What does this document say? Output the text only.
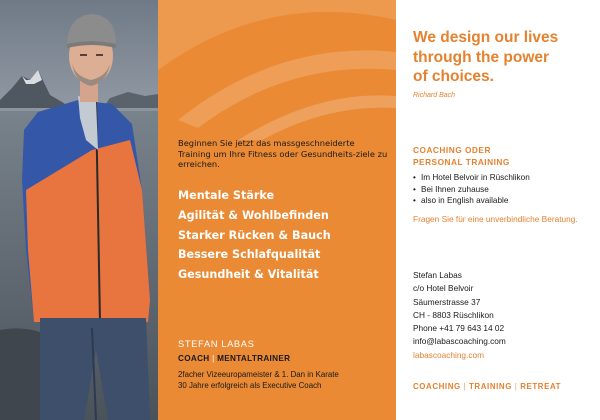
Beginnen Sie jetzt das massgeschneiderte Training um Ihre Fitness oder Gesundheits-ziele zu erreichen.
Mentale Stärke
Agilität & Wohlbefinden
Starker Rücken & Bauch
Bessere Schlafqualität
Gesundheit & Vitalität
STEFAN LABAS
COACH | MENTALTRAINER
2facher Vizeeuropameister & 1. Dan in Karate
30 Jahre erfolgreich als Executive Coach
We design our lives
through the power
of choices.
Richard Bach
COACHING ODER
PERSONAL TRAINING
• Im Hotel Belvoir in Rüschlikon
• Bei Ihnen zuhause
• also in English available
Fragen Sie für eine unverbindliche Beratung.
Stefan Labas
c/o Hotel Belvoir
Säumerstrasse 37
CH - 8803 Rüschlikon
Phone +41 79 643 14 02
info@labascoaching.com
labascoaching.com
COACHING | TRAINING | RETREAT
